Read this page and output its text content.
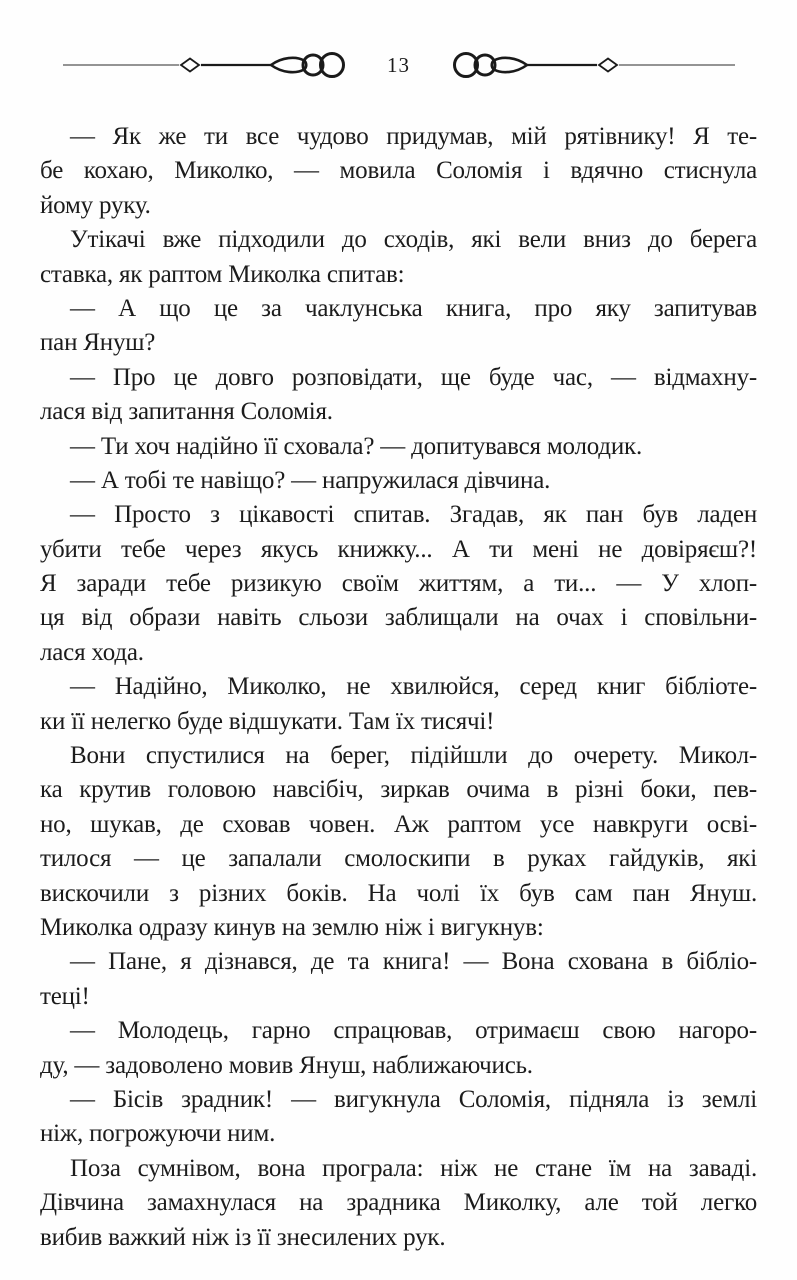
13
— Як же ти все чудово придумав, мій рятівнику! Я те-
бе кохаю, Миколко, — мовила Соломія і вдячно стиснула
йому руку.
Утікачі вже підходили до сходів, які вели вниз до берега
ставка, як раптом Миколка спитав:
— А що це за чаклунська книга, про яку запитував
пан Януш?
— Про це довго розповідати, ще буде час, — відмахну-
лася від запитання Соломія.
— Ти хоч надійно її сховала? — допитувався молодик.
— А тобі те навіщо? — напружилася дівчина.
— Просто з цікавості спитав. Згадав, як пан був ладен
убити тебе через якусь книжку... А ти мені не довіряєш?!
Я заради тебе ризикую своїм життям, а ти... — У хлоп-
ця від образи навіть сльози заблищали на очах і сповільни-
лася хода.
— Надійно, Миколко, не хвилюйся, серед книг бібліоте-
ки її нелегко буде відшукати. Там їх тисячі!
Вони спустилися на берег, підійшли до очерету. Микол-
ка крутив головою навсібіч, зиркав очима в різні боки, пев-
но, шукав, де сховав човен. Аж раптом усе навкруги осві-
тилося — це запалали смолоскипи в руках гайдуків, які
вискочили з різних боків. На чолі їх був сам пан Януш.
Миколка одразу кинув на землю ніж і вигукнув:
— Пане, я дізнався, де та книга! — Вона схована в бібліо-
теці!
— Молодець, гарно спрацював, отримаєш свою нагоро-
ду, — задоволено мовив Януш, наближаючись.
— Бісів зрадник! — вигукнула Соломія, підняла із землі
ніж, погрожуючи ним.
Поза сумнівом, вона програла: ніж не стане їм на заваді.
Дівчина замахнулася на зрадника Миколку, але той легко
вибив важкий ніж із її знесилених рук.
